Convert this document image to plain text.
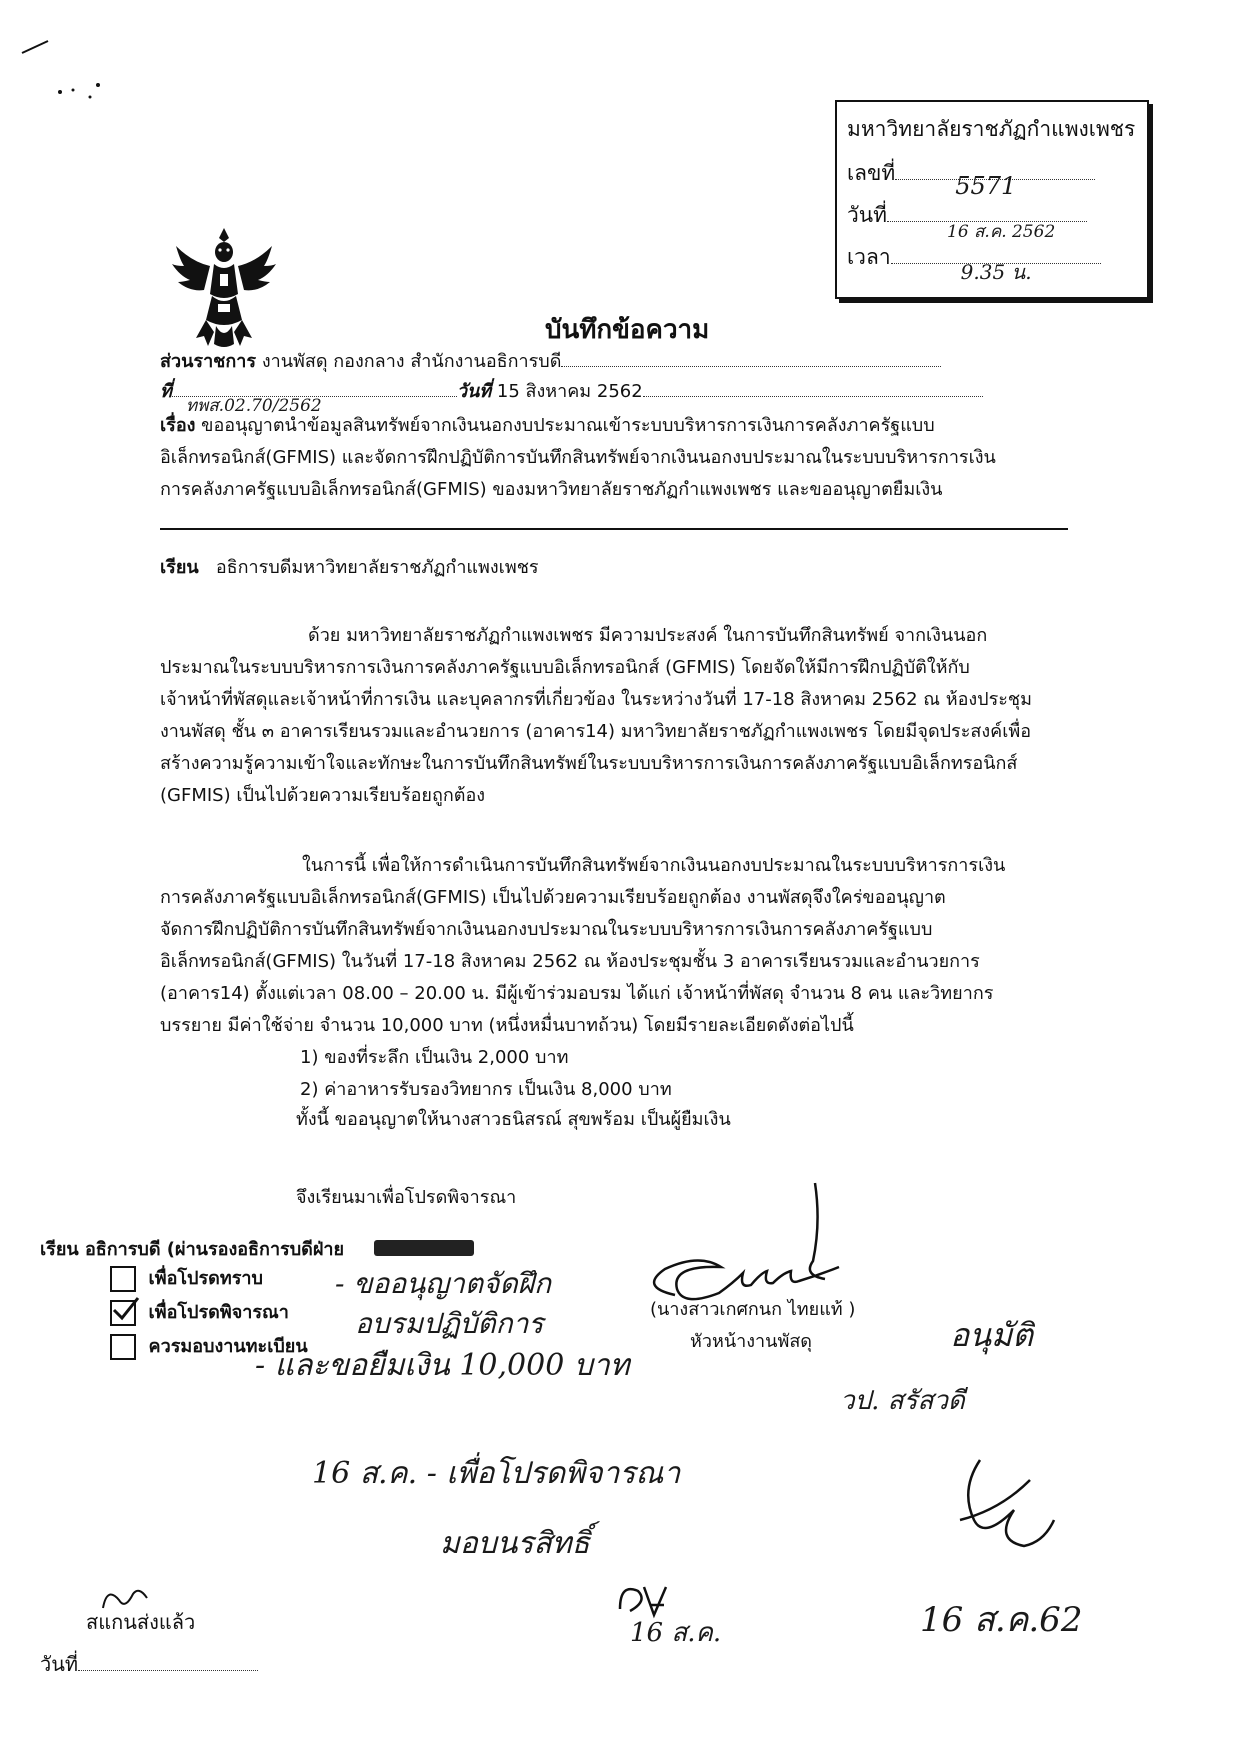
มหาวิทยาลัยราชภัฏกำแพงเพชร
เลขที่	5571
วันที่
16 ส.ค. 2562
เวลา
9.35 น.
บันทึกข้อความ
ส่วนราชการ งานพัสดุ กองกลาง สำนักงานอธิการบดี
ที่
ทพส.02.70/2562
วันที่ 15 สิงหาคม 2562
เรื่อง ขออนุญาตนำข้อมูลสินทรัพย์จากเงินนอกงบประมาณเข้าระบบบริหารการเงินการคลังภาครัฐแบบ
อิเล็กทรอนิกส์(GFMIS) และจัดการฝึกปฏิบัติการบันทึกสินทรัพย์จากเงินนอกงบประมาณในระบบบริหารการเงิน
การคลังภาครัฐแบบอิเล็กทรอนิกส์(GFMIS) ของมหาวิทยาลัยราชภัฏกำแพงเพชร และขออนุญาตยืมเงิน
เรียน อธิการบดีมหาวิทยาลัยราชภัฏกำแพงเพชร
ด้วย มหาวิทยาลัยราชภัฏกำแพงเพชร มีความประสงค์ ในการบันทึกสินทรัพย์ จากเงินนอก
ประมาณในระบบบริหารการเงินการคลังภาครัฐแบบอิเล็กทรอนิกส์ (GFMIS) โดยจัดให้มีการฝึกปฏิบัติให้กับ
เจ้าหน้าที่พัสดุและเจ้าหน้าที่การเงิน และบุคลากรที่เกี่ยวข้อง ในระหว่างวันที่ 17-18 สิงหาคม 2562 ณ ห้องประชุม
งานพัสดุ ชั้น ๓ อาคารเรียนรวมและอำนวยการ (อาคาร14) มหาวิทยาลัยราชภัฏกำแพงเพชร โดยมีจุดประสงค์เพื่อ
สร้างความรู้ความเข้าใจและทักษะในการบันทึกสินทรัพย์ในระบบบริหารการเงินการคลังภาครัฐแบบอิเล็กทรอนิกส์
(GFMIS) เป็นไปด้วยความเรียบร้อยถูกต้อง
ในการนี้ เพื่อให้การดำเนินการบันทึกสินทรัพย์จากเงินนอกงบประมาณในระบบบริหารการเงิน
การคลังภาครัฐแบบอิเล็กทรอนิกส์(GFMIS) เป็นไปด้วยความเรียบร้อยถูกต้อง งานพัสดุจึงใคร่ขออนุญาต
จัดการฝึกปฏิบัติการบันทึกสินทรัพย์จากเงินนอกงบประมาณในระบบบริหารการเงินการคลังภาครัฐแบบ
อิเล็กทรอนิกส์(GFMIS) ในวันที่ 17-18 สิงหาคม 2562 ณ ห้องประชุมชั้น 3 อาคารเรียนรวมและอำนวยการ
(อาคาร14) ตั้งแต่เวลา 08.00 – 20.00 น. มีผู้เข้าร่วมอบรม ได้แก่ เจ้าหน้าที่พัสดุ จำนวน 8 คน และวิทยากร
บรรยาย มีค่าใช้จ่าย จำนวน 10,000 บาท (หนึ่งหมื่นบาทถ้วน) โดยมีรายละเอียดดังต่อไปนี้
1) ของที่ระลึก เป็นเงิน 2,000 บาท
2) ค่าอาหารรับรองวิทยากร เป็นเงิน 8,000 บาท
ทั้งนี้ ขออนุญาตให้นางสาวธนิสรณ์ สุขพร้อม เป็นผู้ยืมเงิน
จึงเรียนมาเพื่อโปรดพิจารณา
(นางสาวเกศกนก ไทยแท้ )
หัวหน้างานพัสดุ
เรียน อธิการบดี (ผ่านรองอธิการบดีฝ่าย
เพื่อโปรดทราบ
เพื่อโปรดพิจารณา
ควรมอบงานทะเบียน
- ขออนุญาตจัดฝึก
อบรมปฏิบัติการ
- และขอยืมเงิน 10,000 บาท
อนุมัติ
วป. สรัสวดี
16 ส.ค. - เพื่อโปรดพิจารณา
มอบนรสิทธิ์
16 ส.ค.	16 ส.ค.62
สแกนส่งแล้ว
วันที่
